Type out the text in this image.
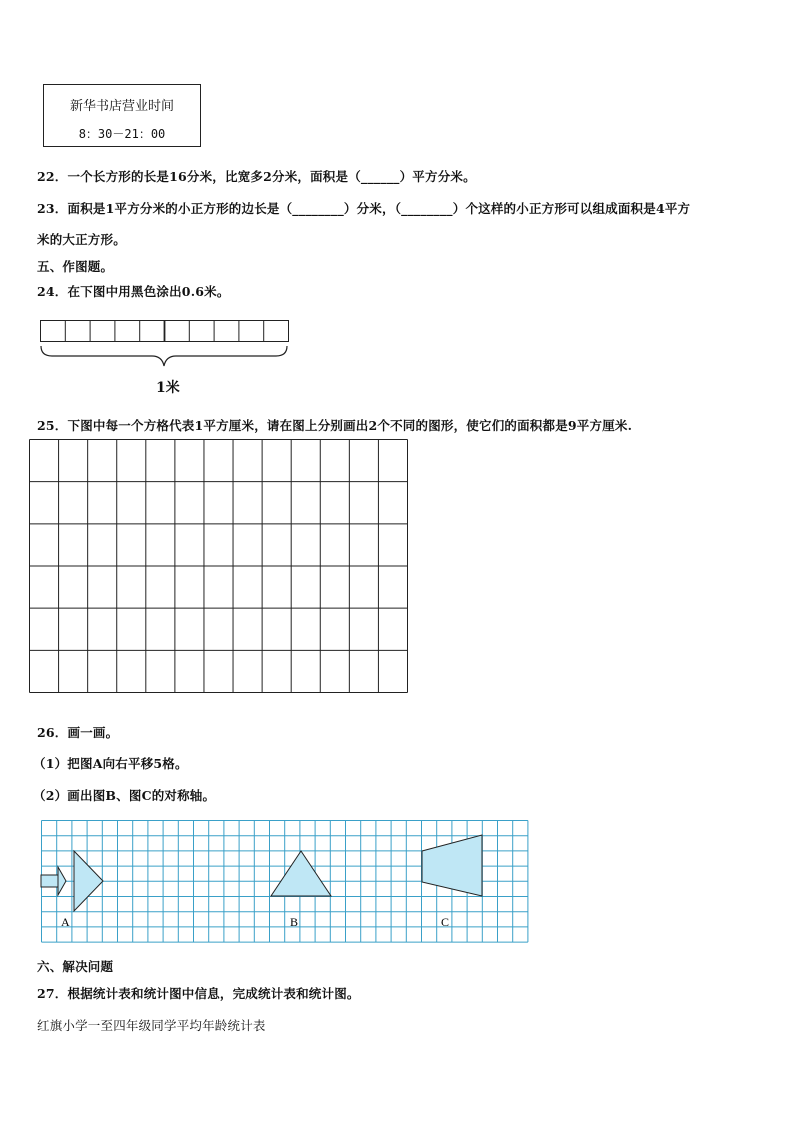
新华书店营业时间
8：30－21：00
22．一个长方形的长是16分米，比宽多2分米，面积是（______）平方分米。
23．面积是1平方分米的小正方形的边长是（________）分米，（________）个这样的小正方形可以组成面积是4平方
米的大正方形。
五、作图题。
24．在下图中用黑色涂出0.6米。
1米
25．下图中每一个方格代表1平方厘米，请在图上分别画出2个不同的图形，使它们的面积都是9平方厘米.
26．画一画。
（1）把图A向右平移5格。
（2）画出图B、图C的对称轴。
A	B	C
六、解决问题
27．根据统计表和统计图中信息，完成统计表和统计图。
红旗小学一至四年级同学平均年龄统计表
